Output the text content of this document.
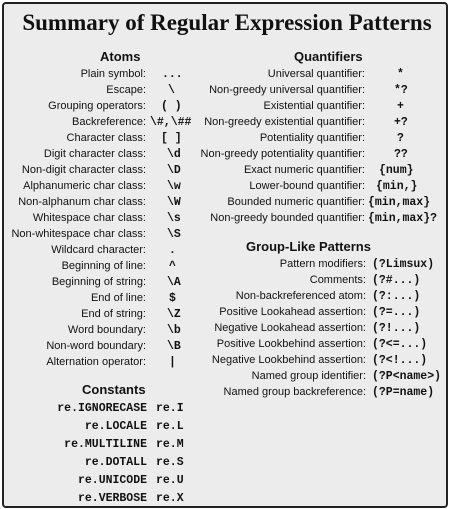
Summary of Regular Expression Patterns
Atoms	Quantifiers
Group-Like Patterns
Constants
Plain symbol:
Escape:
Grouping operators:
Backreference:
Character class:
Digit character class:
Non-digit character class:
Alphanumeric char class:
Non-alphanum char class:
Whitespace char class:
Non-whitespace char class:
Wildcard character:
Beginning of line:
Beginning of string:
End of line:
End of string:
Word boundary:
Non-word boundary:
Alternation operator:
...
\
( )
\#,\##
[ ]
\d
\D
\w
\W
\s
\S
.
^
\A
$
\Z
\b
\B
|
Universal quantifier:
Non-greedy universal quantifier:
Existential quantifier:
Non-greedy existential quantifier:
Potentiality quantifier:
Non-greedy potentiality quantifier:
Exact numeric quantifier:
Lower-bound quantifier:
Bounded numeric quantifier:
Non-greedy bounded quantifier:
*
*?
+
+?
?
??
{num}
{min,}
{min,max}
{min,max}?
Pattern modifiers:
Comments:
Non-backreferenced atom:
Positive Lookahead assertion:
Negative Lookahead assertion:
Positive Lookbehind assertion:
Negative Lookbehind assertion:
Named group identifier:
Named group backreference:
(?Limsux)
(?#...)
(?:...)
(?=...)
(?!...)
(?<=...)
(?<!...)
(?P<name>)
(?P=name)
re.IGNORECASE
re.LOCALE
re.MULTILINE
re.DOTALL
re.UNICODE
re.VERBOSE
re.I
re.L
re.M
re.S
re.U
re.X
